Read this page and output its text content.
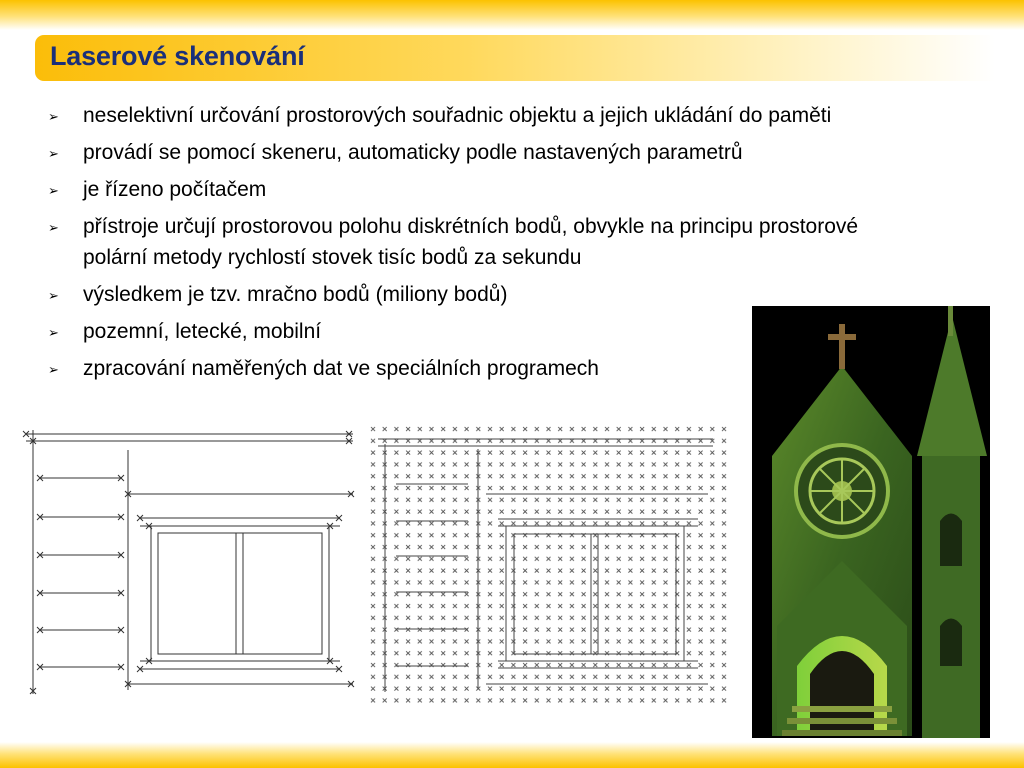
Laserové skenování
➢ neselektivní určování prostorových souřadnic objektu a jejich ukládání do paměti
➢ provádí se pomocí skeneru, automaticky podle nastavených parametrů
➢ je řízeno počítačem
➢ přístroje určují prostorovou polohu diskrétních bodů, obvykle na principu prostorové polární metody rychlostí stovek tisíc bodů za sekundu
➢ výsledkem je tzv. mračno bodů (miliony bodů)
➢ pozemní, letecké, mobilní
➢ zpracování naměřených dat ve speciálních programech
